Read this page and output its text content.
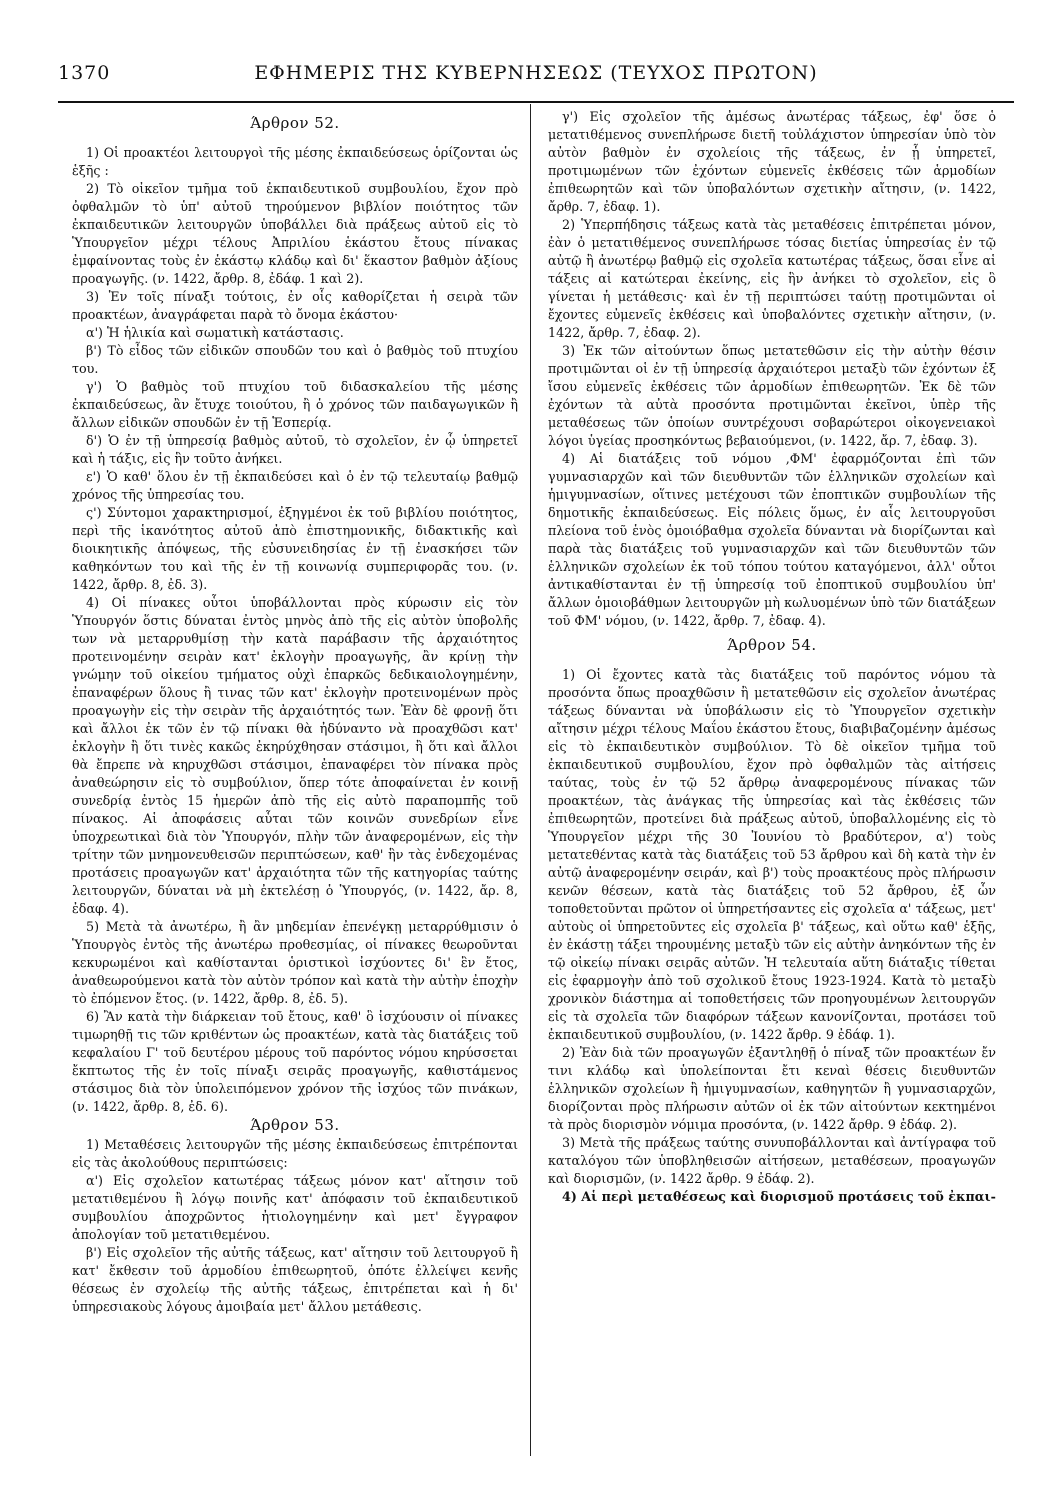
1370	ΕΦΗΜΕΡΙΣ ΤΗΣ ΚΥΒΕΡΝΗΣΕΩΣ (ΤΕΥΧΟΣ ΠΡΩΤΟΝ)
Άρθρον 52.

1) Οἱ προακτέοι λειτουργοὶ τῆς μέσης ἐκπαιδεύσεως ὁρίζονται ὡς ἑξῆς :

2) Τὸ οἰκεῖον τμῆμα τοῦ ἐκπαιδευτικοῦ συμβουλίου, ἔχον πρὸ ὀφθαλμῶν τὸ ὑπ' αὐτοῦ τηρούμενον βιβλίον ποιότητος τῶν ἐκπαιδευτικῶν λειτουργῶν ὑποβάλλει διὰ πράξεως αὐτοῦ εἰς τὸ Ὑπουργεῖον μέχρι τέλους Ἀπριλίου ἑκάστου ἔτους πίνακας ἐμφαίνοντας τοὺς ἐν ἑκάστῳ κλάδῳ καὶ δι' ἕκαστον βαθμὸν ἀξίους προαγωγῆς. (ν. 1422, ἄρθρ. 8, ἐδάφ. 1 καὶ 2).

3) Ἐν τοῖς πίναξι τούτοις, ἐν οἷς καθορίζεται ἡ σειρὰ τῶν προακτέων, ἀναγράφεται παρὰ τὸ ὄνομα ἑκάστου·

α') Ἡ ἡλικία καὶ σωματικὴ κατάστασις.

β') Τὸ εἶδος τῶν εἰδικῶν σπουδῶν του καὶ ὁ βαθμὸς τοῦ πτυχίου του.

γ') Ὁ βαθμὸς τοῦ πτυχίου τοῦ διδασκαλείου τῆς μέσης ἐκπαιδεύσεως, ἂν ἔτυχε τοιούτου, ἢ ὁ χρόνος τῶν παιδαγωγικῶν ἢ ἄλλων εἰδικῶν σπουδῶν ἐν τῇ Ἑσπερίᾳ.

δ') Ὁ ἐν τῇ ὑπηρεσίᾳ βαθμὸς αὐτοῦ, τὸ σχολεῖον, ἐν ᾧ ὑπηρετεῖ καὶ ἡ τάξις, εἰς ἣν τοῦτο ἀνήκει.

ε') Ὁ καθ' ὅλου ἐν τῇ ἐκπαιδεύσει καὶ ὁ ἐν τῷ τελευταίῳ βαθμῷ χρόνος τῆς ὑπηρεσίας του.

ς') Σύντομοι χαρακτηρισμοί, ἐξηγμένοι ἐκ τοῦ βιβλίου ποιότητος, περὶ τῆς ἱκανότητος αὐτοῦ ἀπὸ ἐπιστημονικῆς, διδακτικῆς καὶ διοικητικῆς ἀπόψεως, τῆς εὐσυνειδησίας ἐν τῇ ἐνασκήσει τῶν καθηκόντων του καὶ τῆς ἐν τῇ κοινωνίᾳ συμπεριφορᾶς του. (ν. 1422, ἄρθρ. 8, ἐδ. 3).

4) Οἱ πίνακες οὗτοι ὑποβάλλονται πρὸς κύρωσιν εἰς τὸν Ὑπουργόν ὅστις δύναται ἐντὸς μηνὸς ἀπὸ τῆς εἰς αὐτὸν ὑποβολῆς των νὰ μεταρρυθμίσῃ τὴν κατὰ παράβασιν τῆς ἀρχαιότητος προτεινομένην σειρὰν κατ' ἐκλογὴν προαγωγῆς, ἂν κρίνῃ τὴν γνώμην τοῦ οἰκείου τμήματος οὐχὶ ἐπαρκῶς δεδικαιολογημένην, ἐπαναφέρων ὅλους ἢ τινας τῶν κατ' ἐκλογὴν προτεινομένων πρὸς προαγωγὴν εἰς τὴν σειρὰν τῆς ἀρχαιότητός των. Ἐὰν δὲ φρονῇ ὅτι καὶ ἄλλοι ἐκ τῶν ἐν τῷ πίνακι θὰ ἠδύναντο νὰ προαχθῶσι κατ' ἐκλογὴν ἢ ὅτι τινὲς κακῶς ἐκηρύχθησαν στάσιμοι, ἢ ὅτι καὶ ἄλλοι θὰ ἔπρεπε νὰ κηρυχθῶσι στάσιμοι, ἐπαναφέρει τὸν πίνακα πρὸς ἀναθεώρησιν εἰς τὸ συμβούλιον, ὅπερ τότε ἀποφαίνεται ἐν κοινῇ συνεδρίᾳ ἐντὸς 15 ἡμερῶν ἀπὸ τῆς εἰς αὐτὸ παραπομπῆς τοῦ πίνακος. Αἱ ἀποφάσεις αὗται τῶν κοινῶν συνεδρίων εἶνε ὑποχρεωτικαὶ διὰ τὸν Ὑπουργόν, πλὴν τῶν ἀναφερομένων, εἰς τὴν τρίτην τῶν μνημονευθεισῶν περιπτώσεων, καθ' ἣν τὰς ἐνδεχομένας προτάσεις προαγωγῶν κατ' ἀρχαιότητα τῶν τῆς κατηγορίας ταύτης λειτουργῶν, δύναται νὰ μὴ ἐκτελέσῃ ὁ Ὑπουργός, (ν. 1422, ἄρ. 8, ἐδαφ. 4).

5) Μετὰ τὰ ἀνωτέρω, ἢ ἂν μηδεμίαν ἐπενέγκῃ μεταρρύθμισιν ὁ Ὑπουργὸς ἐντὸς τῆς ἀνωτέρω προθεσμίας, οἱ πίνακες θεωροῦνται κεκυρωμένοι καὶ καθίστανται ὁριστικοὶ ἰσχύοντες δι' ἓν ἔτος, ἀναθεωρούμενοι κατὰ τὸν αὐτὸν τρόπον καὶ κατὰ τὴν αὐτὴν ἐποχὴν τὸ ἐπόμενον ἔτος. (ν. 1422, ἄρθρ. 8, ἐδ. 5).

6) Ἂν κατὰ τὴν διάρκειαν τοῦ ἔτους, καθ' ὃ ἰσχύουσιν οἱ πίνακες τιμωρηθῇ τις τῶν κριθέντων ὡς προακτέων, κατὰ τὰς διατάξεις τοῦ κεφαλαίου Γ' τοῦ δευτέρου μέρους τοῦ παρόντος νόμου κηρύσσεται ἔκπτωτος τῆς ἐν τοῖς πίναξι σειρᾶς προαγωγῆς, καθιστάμενος στάσιμος διὰ τὸν ὑπολειπόμενον χρόνον τῆς ἰσχύος τῶν πινάκων, (ν. 1422, ἄρθρ. 8, ἐδ. 6).

Άρθρον 53.

1) Μεταθέσεις λειτουργῶν τῆς μέσης ἐκπαιδεύσεως ἐπιτρέπονται εἰς τὰς ἀκολούθους περιπτώσεις:

α') Εἰς σχολεῖον κατωτέρας τάξεως μόνον κατ' αἴτησιν τοῦ μετατιθεμένου ἢ λόγῳ ποινῆς κατ' ἀπόφασιν τοῦ ἐκπαιδευτικοῦ συμβουλίου ἀποχρῶντος ἠτιολογημένην καὶ μετ' ἔγγραφον ἀπολογίαν τοῦ μετατιθεμένου.

β') Εἰς σχολεῖον τῆς αὐτῆς τάξεως, κατ' αἴτησιν τοῦ λειτουργοῦ ἢ κατ' ἔκθεσιν τοῦ ἁρμοδίου ἐπιθεωρητοῦ, ὁπότε ἐλλείψει κενῆς θέσεως ἐν σχολείῳ τῆς αὐτῆς τάξεως, ἐπιτρέπεται καὶ ἡ δι' ὑπηρεσιακοὺς λόγους ἀμοιβαία μετ' ἄλλου μετάθεσις.

γ') Εἰς σχολεῖον τῆς ἀμέσως ἀνωτέρας τάξεως, ἐφ' ὅσε ὁ μετατιθέμενος συνεπλήρωσε διετῆ τοὐλάχιστον ὑπηρεσίαν ὑπὸ τὸν αὐτὸν βαθμὸν ἐν σχολείοις τῆς τάξεως, ἐν ᾗ ὑπηρετεῖ, προτιμωμένων τῶν ἐχόντων εὐμενεῖς ἐκθέσεις τῶν ἁρμοδίων ἐπιθεωρητῶν καὶ τῶν ὑποβαλόντων σχετικὴν αἴτησιν, (ν. 1422, ἄρθρ. 7, ἐδαφ. 1).

2) Ὑπερπήδησις τάξεως κατὰ τὰς μεταθέσεις ἐπιτρέπεται μόνον, ἐὰν ὁ μετατιθέμενος συνεπλήρωσε τόσας διετίας ὑπηρεσίας ἐν τῷ αὐτῷ ἢ ἀνωτέρῳ βαθμῷ εἰς σχολεῖα κατωτέρας τάξεως, ὅσαι εἶνε αἱ τάξεις αἱ κατώτεραι ἐκείνης, εἰς ἣν ἀνήκει τὸ σχολεῖον, εἰς ὃ γίνεται ἡ μετάθεσις· καὶ ἐν τῇ περιπτώσει ταύτῃ προτιμῶνται οἱ ἔχοντες εὐμενεῖς ἐκθέσεις καὶ ὑποβαλόντες σχετικὴν αἴτησιν, (ν. 1422, ἄρθρ. 7, ἐδαφ. 2).

3) Ἐκ τῶν αἰτούντων ὅπως μετατεθῶσιν εἰς τὴν αὐτὴν θέσιν προτιμῶνται οἱ ἐν τῇ ὑπηρεσίᾳ ἀρχαιότεροι μεταξὺ τῶν ἐχόντων ἐξ ἴσου εὐμενεῖς ἐκθέσεις τῶν ἁρμοδίων ἐπιθεωρητῶν. Ἐκ δὲ τῶν ἐχόντων τὰ αὐτὰ προσόντα προτιμῶνται ἐκεῖνοι, ὑπὲρ τῆς μεταθέσεως τῶν ὁποίων συντρέχουσι σοβαρώτεροι οἰκογενειακοὶ λόγοι ὑγείας προσηκόντως βεβαιούμενοι, (ν. 1422, ἄρ. 7, ἐδαφ. 3).

4) Αἱ διατάξεις τοῦ νόμου ,ΦΜ' ἐφαρμόζονται ἐπὶ τῶν γυμνασιαρχῶν καὶ τῶν διευθυντῶν τῶν ἑλληνικῶν σχολείων καὶ ἡμιγυμνασίων, οἵτινες μετέχουσι τῶν ἐποπτικῶν συμβουλίων τῆς δημοτικῆς ἐκπαιδεύσεως. Εἰς πόλεις ὅμως, ἐν αἷς λειτουργοῦσι πλείονα τοῦ ἑνὸς ὁμοιόβαθμα σχολεῖα δύνανται νὰ διορίζωνται καὶ παρὰ τὰς διατάξεις τοῦ γυμνασιαρχῶν καὶ τῶν διευθυντῶν τῶν ἑλληνικῶν σχολείων ἐκ τοῦ τόπου τούτου καταγόμενοι, ἀλλ' οὗτοι ἀντικαθίστανται ἐν τῇ ὑπηρεσίᾳ τοῦ ἐποπτικοῦ συμβουλίου ὑπ' ἄλλων ὁμοιοβάθμων λειτουργῶν μὴ κωλυομένων ὑπὸ τῶν διατάξεων τοῦ ΦΜ' νόμου, (ν. 1422, ἄρθρ. 7, ἐδαφ. 4).

Άρθρον 54.

1) Οἱ ἔχοντες κατὰ τὰς διατάξεις τοῦ παρόντος νόμου τὰ προσόντα ὅπως προαχθῶσιν ἢ μετατεθῶσιν εἰς σχολεῖον ἀνωτέρας τάξεως δύνανται νὰ ὑποβάλωσιν εἰς τὸ Ὑπουργεῖον σχετικὴν αἴτησιν μέχρι τέλους Μαΐου ἑκάστου ἔτους, διαβιβαζομένην ἀμέσως εἰς τὸ ἐκπαιδευτικὸν συμβούλιον. Τὸ δὲ οἰκεῖον τμῆμα τοῦ ἐκπαιδευτικοῦ συμβουλίου, ἔχον πρὸ ὀφθαλμῶν τὰς αἰτήσεις ταύτας, τοὺς ἐν τῷ 52 ἄρθρῳ ἀναφερομένους πίνακας τῶν προακτέων, τὰς ἀνάγκας τῆς ὑπηρεσίας καὶ τὰς ἐκθέσεις τῶν ἐπιθεωρητῶν, προτείνει διὰ πράξεως αὐτοῦ, ὑποβαλλομένης εἰς τὸ Ὑπουργεῖον μέχρι τῆς 30 Ἰουνίου τὸ βραδύτερον, α') τοὺς μετατεθέντας κατὰ τὰς διατάξεις τοῦ 53 ἄρθρου καὶ δὴ κατὰ τὴν ἐν αὐτῷ ἀναφερομένην σειράν, καὶ β') τοὺς προακτέους πρὸς πλήρωσιν κενῶν θέσεων, κατὰ τὰς διατάξεις τοῦ 52 ἄρθρου, ἐξ ὧν τοποθετοῦνται πρῶτον οἱ ὑπηρετήσαντες εἰς σχολεῖα α' τάξεως, μετ' αὐτοὺς οἱ ὑπηρετοῦντες εἰς σχολεῖα β' τάξεως, καὶ οὕτω καθ' ἑξῆς, ἐν ἑκάστῃ τάξει τηρουμένης μεταξὺ τῶν εἰς αὐτὴν ἀνηκόντων τῆς ἐν τῷ οἰκείῳ πίνακι σειρᾶς αὐτῶν. Ἡ τελευταία αὕτη διάταξις τίθεται εἰς ἐφαρμογὴν ἀπὸ τοῦ σχολικοῦ ἔτους 1923-1924. Κατὰ τὸ μεταξὺ χρονικὸν διάστημα αἱ τοποθετήσεις τῶν προηγουμένων λειτουργῶν εἰς τὰ σχολεῖα τῶν διαφόρων τάξεων κανονίζονται, προτάσει τοῦ ἐκπαιδευτικοῦ συμβουλίου, (ν. 1422 ἄρθρ. 9 ἐδάφ. 1).

2) Ἐὰν διὰ τῶν προαγωγῶν ἐξαντληθῇ ὁ πίναξ τῶν προακτέων ἔν τινι κλάδῳ καὶ ὑπολείπονται ἔτι κεναὶ θέσεις διευθυντῶν ἑλληνικῶν σχολείων ἢ ἡμιγυμνασίων, καθηγητῶν ἢ γυμνασιαρχῶν, διορίζονται πρὸς πλήρωσιν αὐτῶν οἱ ἐκ τῶν αἰτούντων κεκτημένοι τὰ πρὸς διορισμὸν νόμιμα προσόντα, (ν. 1422 ἄρθρ. 9 ἐδάφ. 2).

3) Μετὰ τῆς πράξεως ταύτης συνυποβάλλονται καὶ ἀντίγραφα τοῦ καταλόγου τῶν ὑποβληθεισῶν αἰτήσεων, μεταθέσεων, προαγωγῶν καὶ διορισμῶν, (ν. 1422 ἄρθρ. 9 ἐδάφ. 2).

4) Αἱ περὶ μεταθέσεως καὶ διορισμοῦ προτάσεις τοῦ ἐκπαι-
